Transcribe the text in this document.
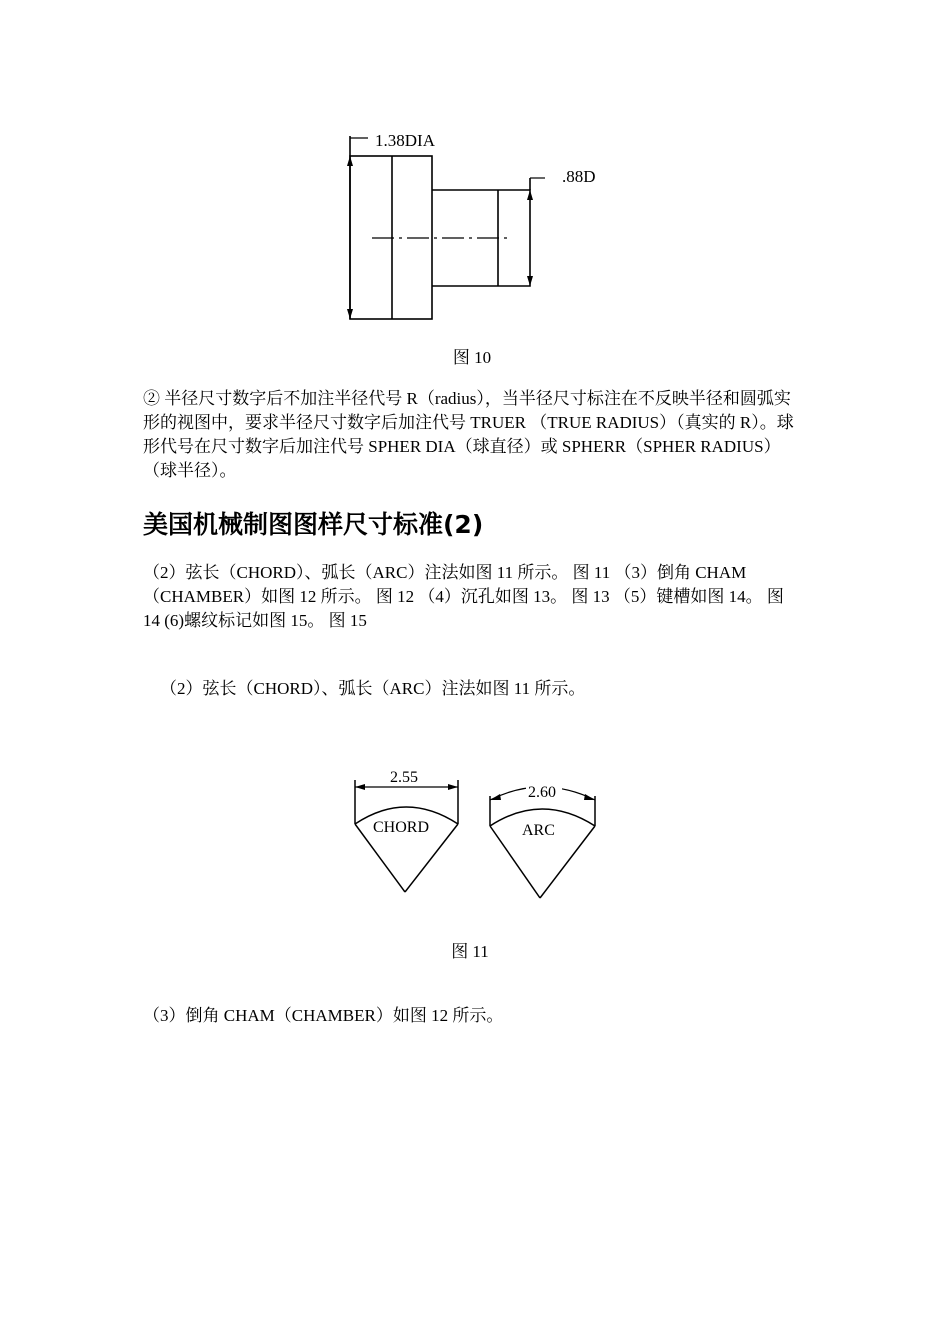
1.38DIA
.88D
图 10
② 半径尺寸数字后不加注半径代号 R（radius），当半径尺寸标注在不反映半径和圆弧实形的视图中，要求半径尺寸数字后加注代号 TRUER （TRUE RADIUS）（真实的 R）。球形代号在尺寸数字后加注代号 SPHER DIA（球直径）或 SPHERR（SPHER RADIUS）（球半径）。
美国机械制图图样尺寸标准(2)
（2）弦长（CHORD）、弧长（ARC）注法如图 11 所示。 图 11 （3）倒角 CHAM（CHAMBER）如图 12 所示。 图 12 （4）沉孔如图 13。 图 13 （5）键槽如图 14。 图 14 (6)螺纹标记如图 15。 图 15
（2）弦长（CHORD）、弧长（ARC）注法如图 11 所示。
2.55
CHORD
2.60
ARC
图 11
（3）倒角 CHAM（CHAMBER）如图 12 所示。
